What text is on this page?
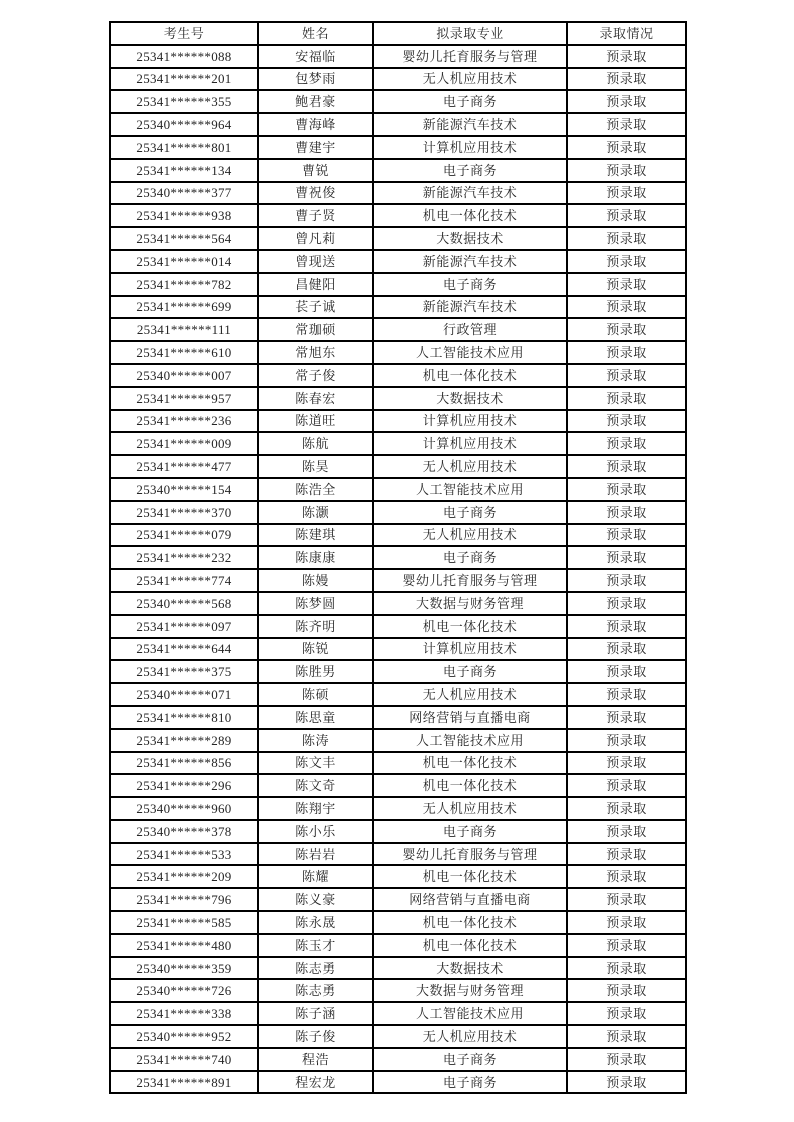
考生号	姓名	拟录取专业	录取情况
25341******088	安福临	婴幼儿托育服务与管理	预录取
25341******201	包梦雨	无人机应用技术	预录取
25341******355	鲍君豪	电子商务	预录取
25340******964	曹海峰	新能源汽车技术	预录取
25341******801	曹建宇	计算机应用技术	预录取
25341******134	曹锐	电子商务	预录取
25340******377	曹祝俊	新能源汽车技术	预录取
25341******938	曹子贤	机电一体化技术	预录取
25341******564	曾凡莉	大数据技术	预录取
25341******014	曾现送	新能源汽车技术	预录取
25341******782	昌健阳	电子商务	预录取
25341******699	苌子诚	新能源汽车技术	预录取
25341******111	常珈硕	行政管理	预录取
25341******610	常旭东	人工智能技术应用	预录取
25340******007	常子俊	机电一体化技术	预录取
25341******957	陈春宏	大数据技术	预录取
25341******236	陈道旺	计算机应用技术	预录取
25341******009	陈航	计算机应用技术	预录取
25341******477	陈昊	无人机应用技术	预录取
25340******154	陈浩全	人工智能技术应用	预录取
25341******370	陈灏	电子商务	预录取
25341******079	陈建琪	无人机应用技术	预录取
25341******232	陈康康	电子商务	预录取
25341******774	陈嫚	婴幼儿托育服务与管理	预录取
25340******568	陈梦圆	大数据与财务管理	预录取
25341******097	陈齐明	机电一体化技术	预录取
25341******644	陈锐	计算机应用技术	预录取
25341******375	陈胜男	电子商务	预录取
25340******071	陈硕	无人机应用技术	预录取
25341******810	陈思童	网络营销与直播电商	预录取
25341******289	陈涛	人工智能技术应用	预录取
25341******856	陈文丰	机电一体化技术	预录取
25341******296	陈文奇	机电一体化技术	预录取
25340******960	陈翔宇	无人机应用技术	预录取
25340******378	陈小乐	电子商务	预录取
25341******533	陈岩岩	婴幼儿托育服务与管理	预录取
25341******209	陈耀	机电一体化技术	预录取
25341******796	陈义豪	网络营销与直播电商	预录取
25341******585	陈永晟	机电一体化技术	预录取
25341******480	陈玉才	机电一体化技术	预录取
25340******359	陈志勇	大数据技术	预录取
25340******726	陈志勇	大数据与财务管理	预录取
25341******338	陈子涵	人工智能技术应用	预录取
25340******952	陈子俊	无人机应用技术	预录取
25341******740	程浩	电子商务	预录取
25341******891	程宏龙	电子商务	预录取
